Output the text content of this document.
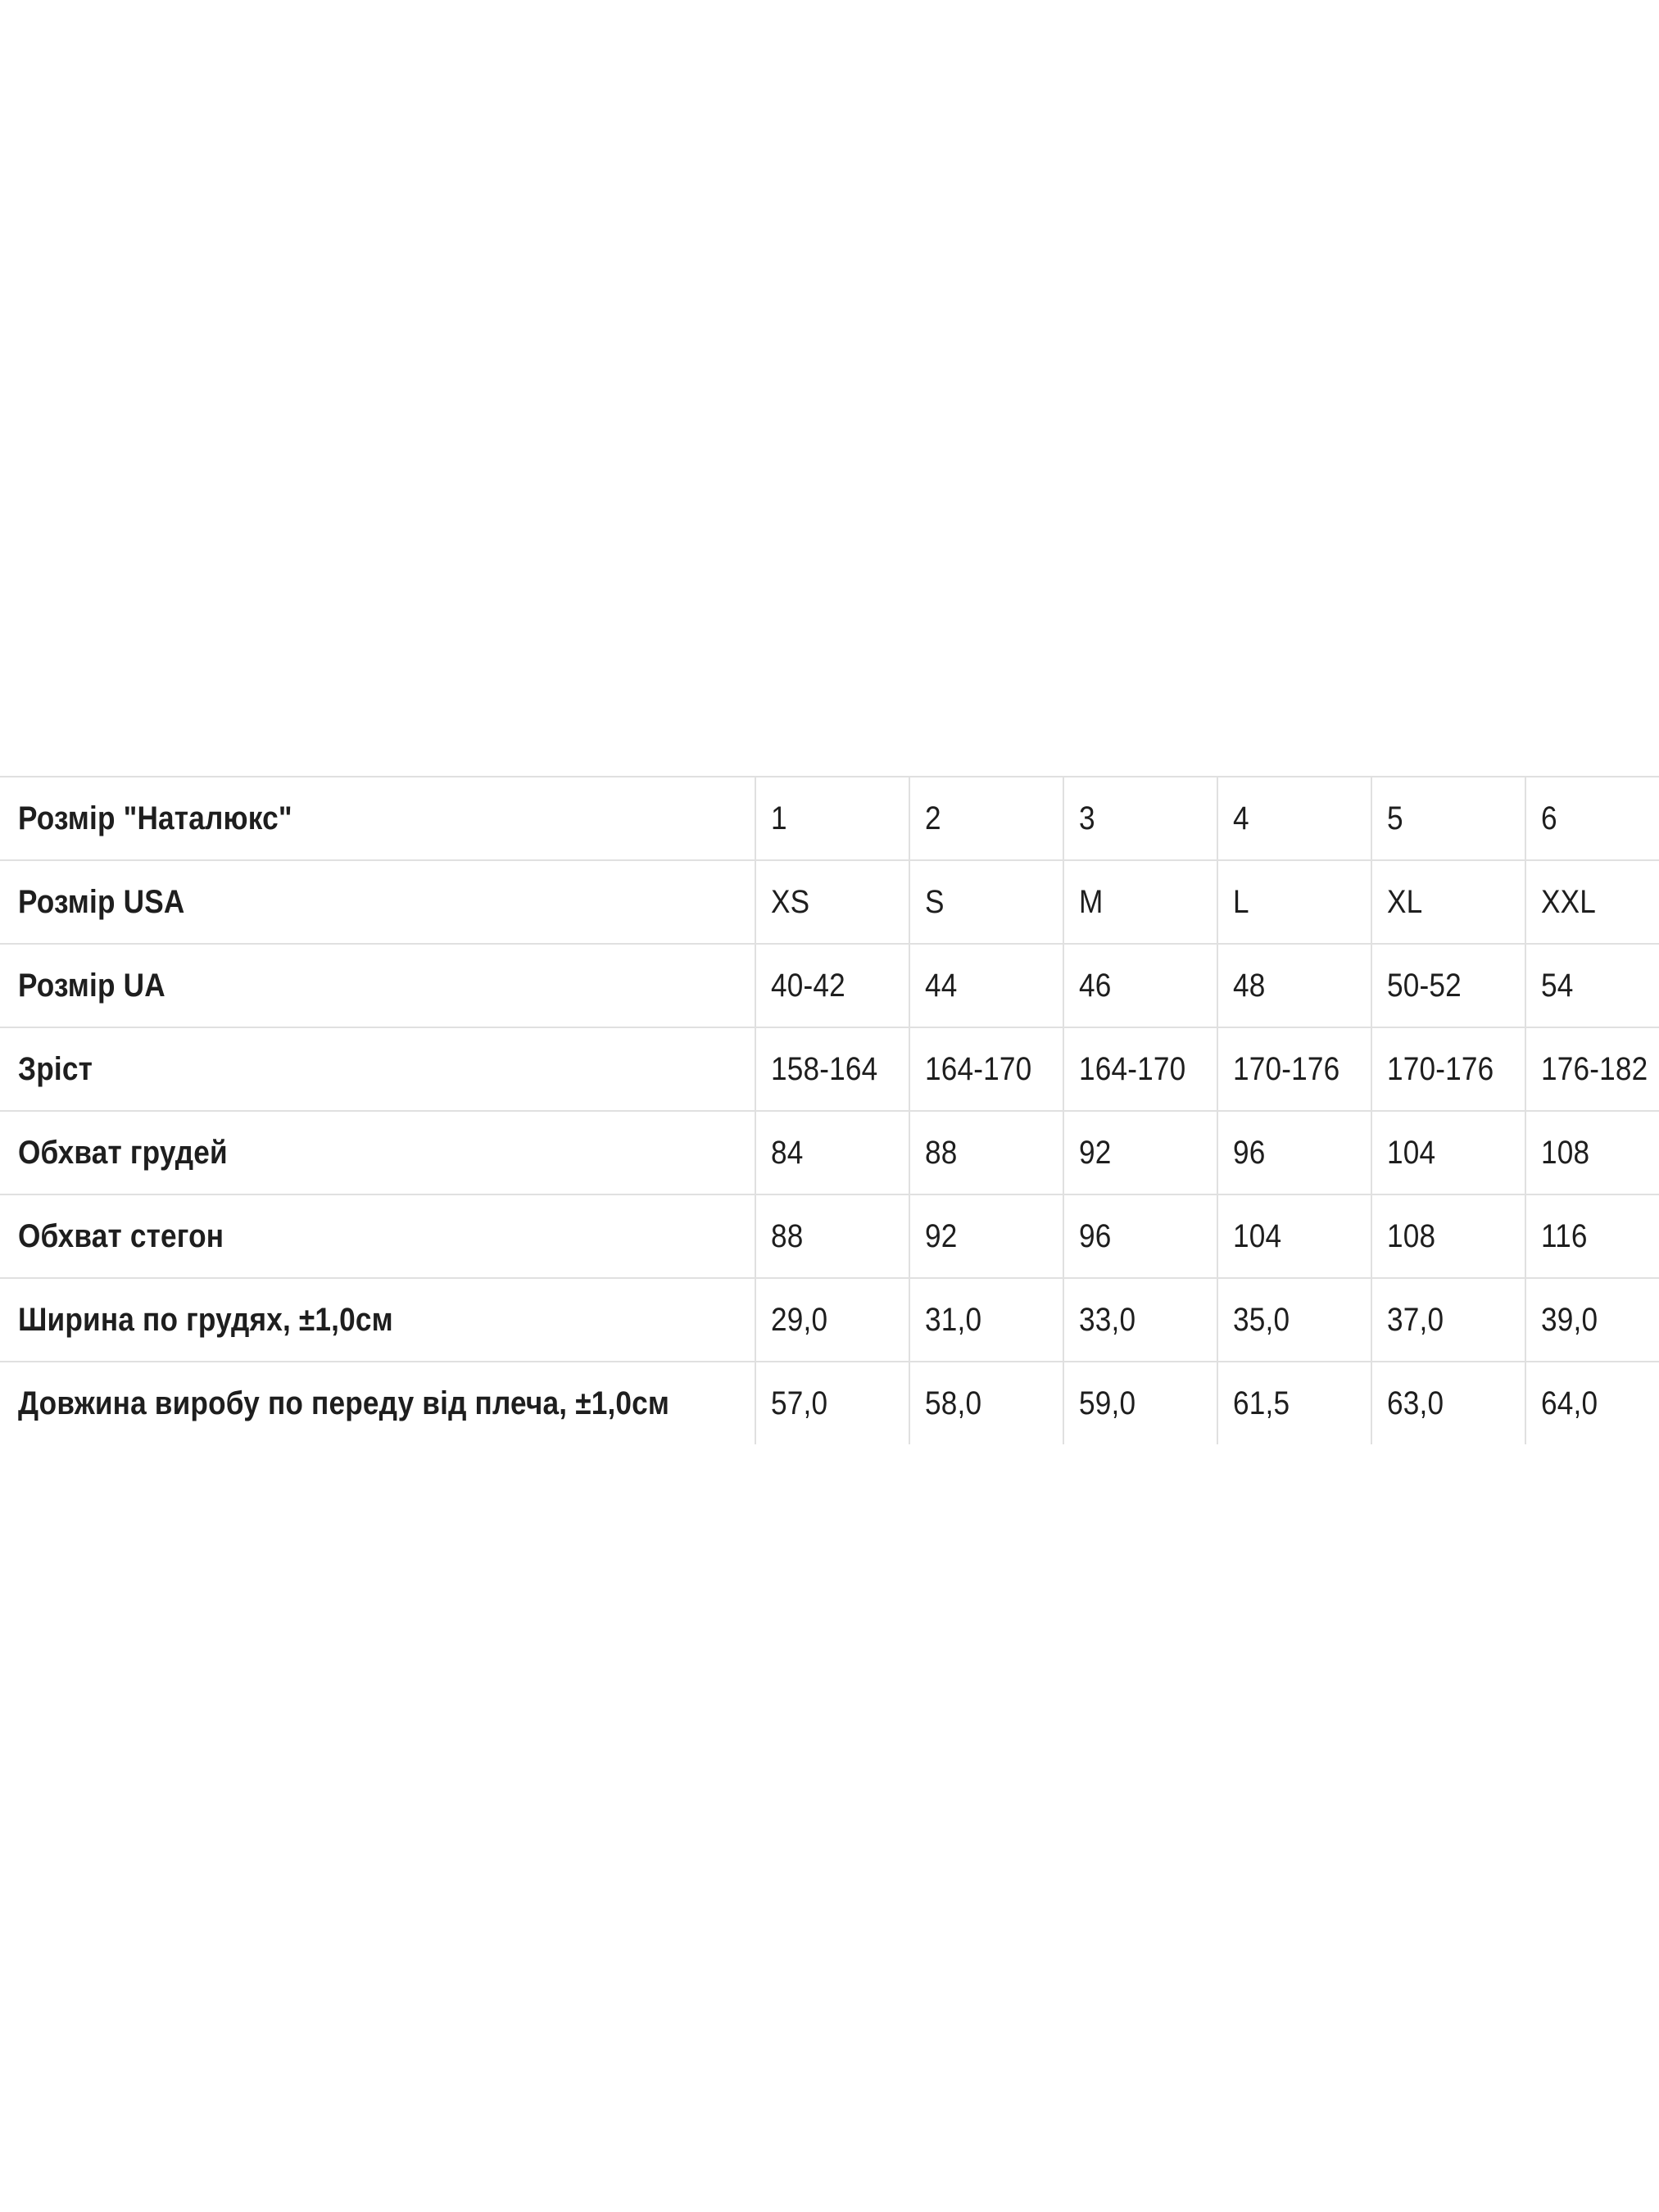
Розмір "Наталюкс"	1	2	3	4	5	6
Розмір USA	XS	S	M	L	XL	XXL
Розмір UA	40-42	44	46	48	50-52	54
Зріст	158-164	164-170	164-170	170-176	170-176	176-182
Обхват грудей	84	88	92	96	104	108
Обхват стегон	88	92	96	104	108	116
Ширина по грудях, ±1,0см	29,0	31,0	33,0	35,0	37,0	39,0
Довжина виробу по переду від плеча, ±1,0см	57,0	58,0	59,0	61,5	63,0	64,0
